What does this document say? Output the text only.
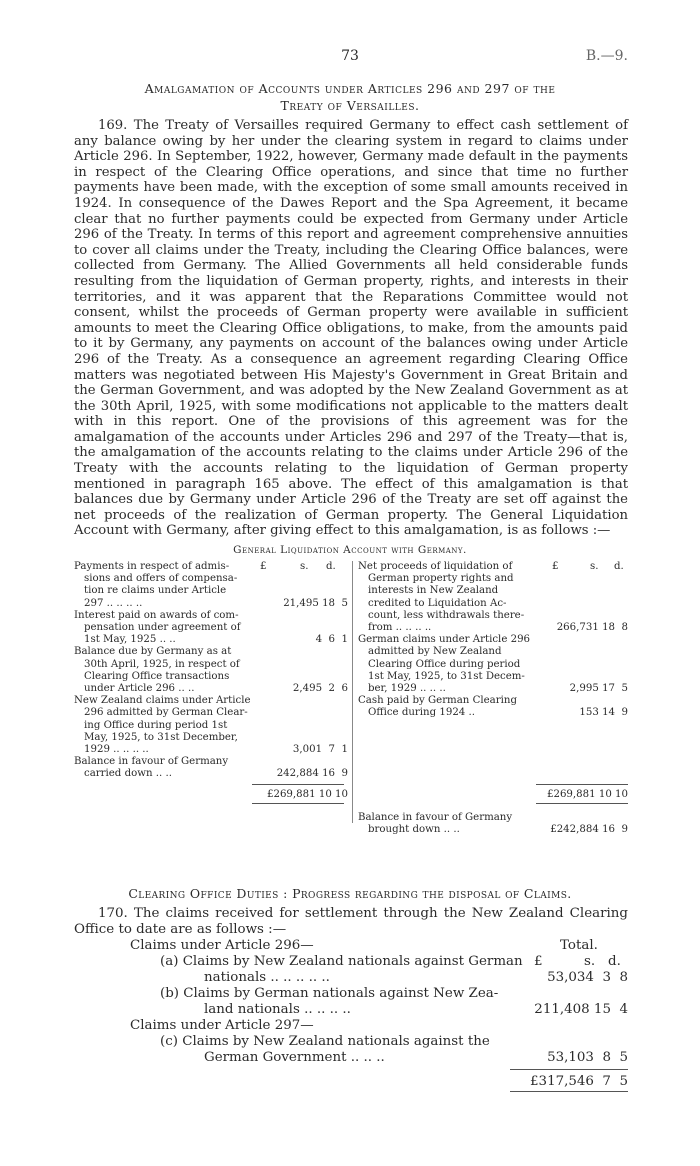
73	B.—9.
Amalgamation of Accounts under Articles 296 and 297 of the
Treaty of Versailles.

169. The Treaty of Versailles required Germany to effect cash settlement of any balance owing by her under the clearing system in regard to claims under Article 296. In September, 1922, however, Germany made default in the payments in respect of the Clearing Office operations, and since that time no further payments have been made, with the exception of some small amounts received in 1924. In consequence of the Dawes Report and the Spa Agreement, it became clear that no further payments could be expected from Germany under Article 296 of the Treaty. In terms of this report and agreement comprehensive annuities to cover all claims under the Treaty, including the Clearing Office balances, were collected from Germany. The Allied Governments all held considerable funds resulting from the liquidation of German property, rights, and interests in their territories, and it was apparent that the Reparations Committee would not consent, whilst the proceeds of German property were available in sufficient amounts to meet the Clearing Office obligations, to make, from the amounts paid to it by Germany, any payments on account of the balances owing under Article 296 of the Treaty. As a consequence an agreement regarding Clearing Office matters was negotiated between His Majesty's Government in Great Britain and the German Government, and was adopted by the New Zealand Government as at the 30th April, 1925, with some modifications not applicable to the matters dealt with in this report. One of the provisions of this agreement was for the amalgamation of the accounts under Articles 296 and 297 of the Treaty—that is, the amalgamation of the accounts relating to the claims under Article 296 of the Treaty with the accounts relating to the liquidation of German property mentioned in paragraph 165 above. The effect of this amalgamation is that balances due by Germany under Article 296 of the Treaty are set off against the net proceeds of the realization of German property. The General Liquidation Account with Germany, after giving effect to this amalgamation, is as follows :—

General Liquidation Account with Germany.
£	s. d.	£	s. d.
Payments in respect of admis-
sions and offers of compensa-
tion re claims under Article
297 .. .. .. ..	21,495 18  5
Interest paid on awards of com-
pensation under agreement of
1st May, 1925 .. ..	4  6  1
Balance due by Germany as at
30th April, 1925, in respect of
Clearing Office transactions
under Article 296 .. ..	2,495  2  6
New Zealand claims under Article
296 admitted by German Clear-
ing Office during period 1st
May, 1925, to 31st December,
1929 .. .. .. ..	3,001  7  1
Balance in favour of Germany
carried down .. ..	242,884 16  9
£269,881 10 10
Net proceeds of liquidation of
German property rights and
interests in New Zealand
credited to Liquidation Ac-
count, less withdrawals there-
from .. .. .. ..	266,731 18  8
German claims under Article 296
admitted by New Zealand
Clearing Office during period
1st May, 1925, to 31st Decem-
ber, 1929 .. .. ..	2,995 17  5
Cash paid by German Clearing
Office during 1924 ..	153 14  9
£269,881 10 10
Balance in favour of Germany
brought down .. ..	£242,884 16  9
Clearing Office Duties : Progress regarding the disposal of Claims.

170. The claims received for settlement through the New Zealand Clearing Office to date are as follows :—

Total.
Claims under Article 296—
£	s. d.
(a) Claims by New Zealand nationals against German
nationals .. .. .. .. ..	53,034  3  8
(b) Claims by German nationals against New Zea-
land nationals .. .. .. ..	211,408 15  4
Claims under Article 297—
(c) Claims by New Zealand nationals against the
German Government .. .. ..	53,103  8  5
£317,546  7  5
